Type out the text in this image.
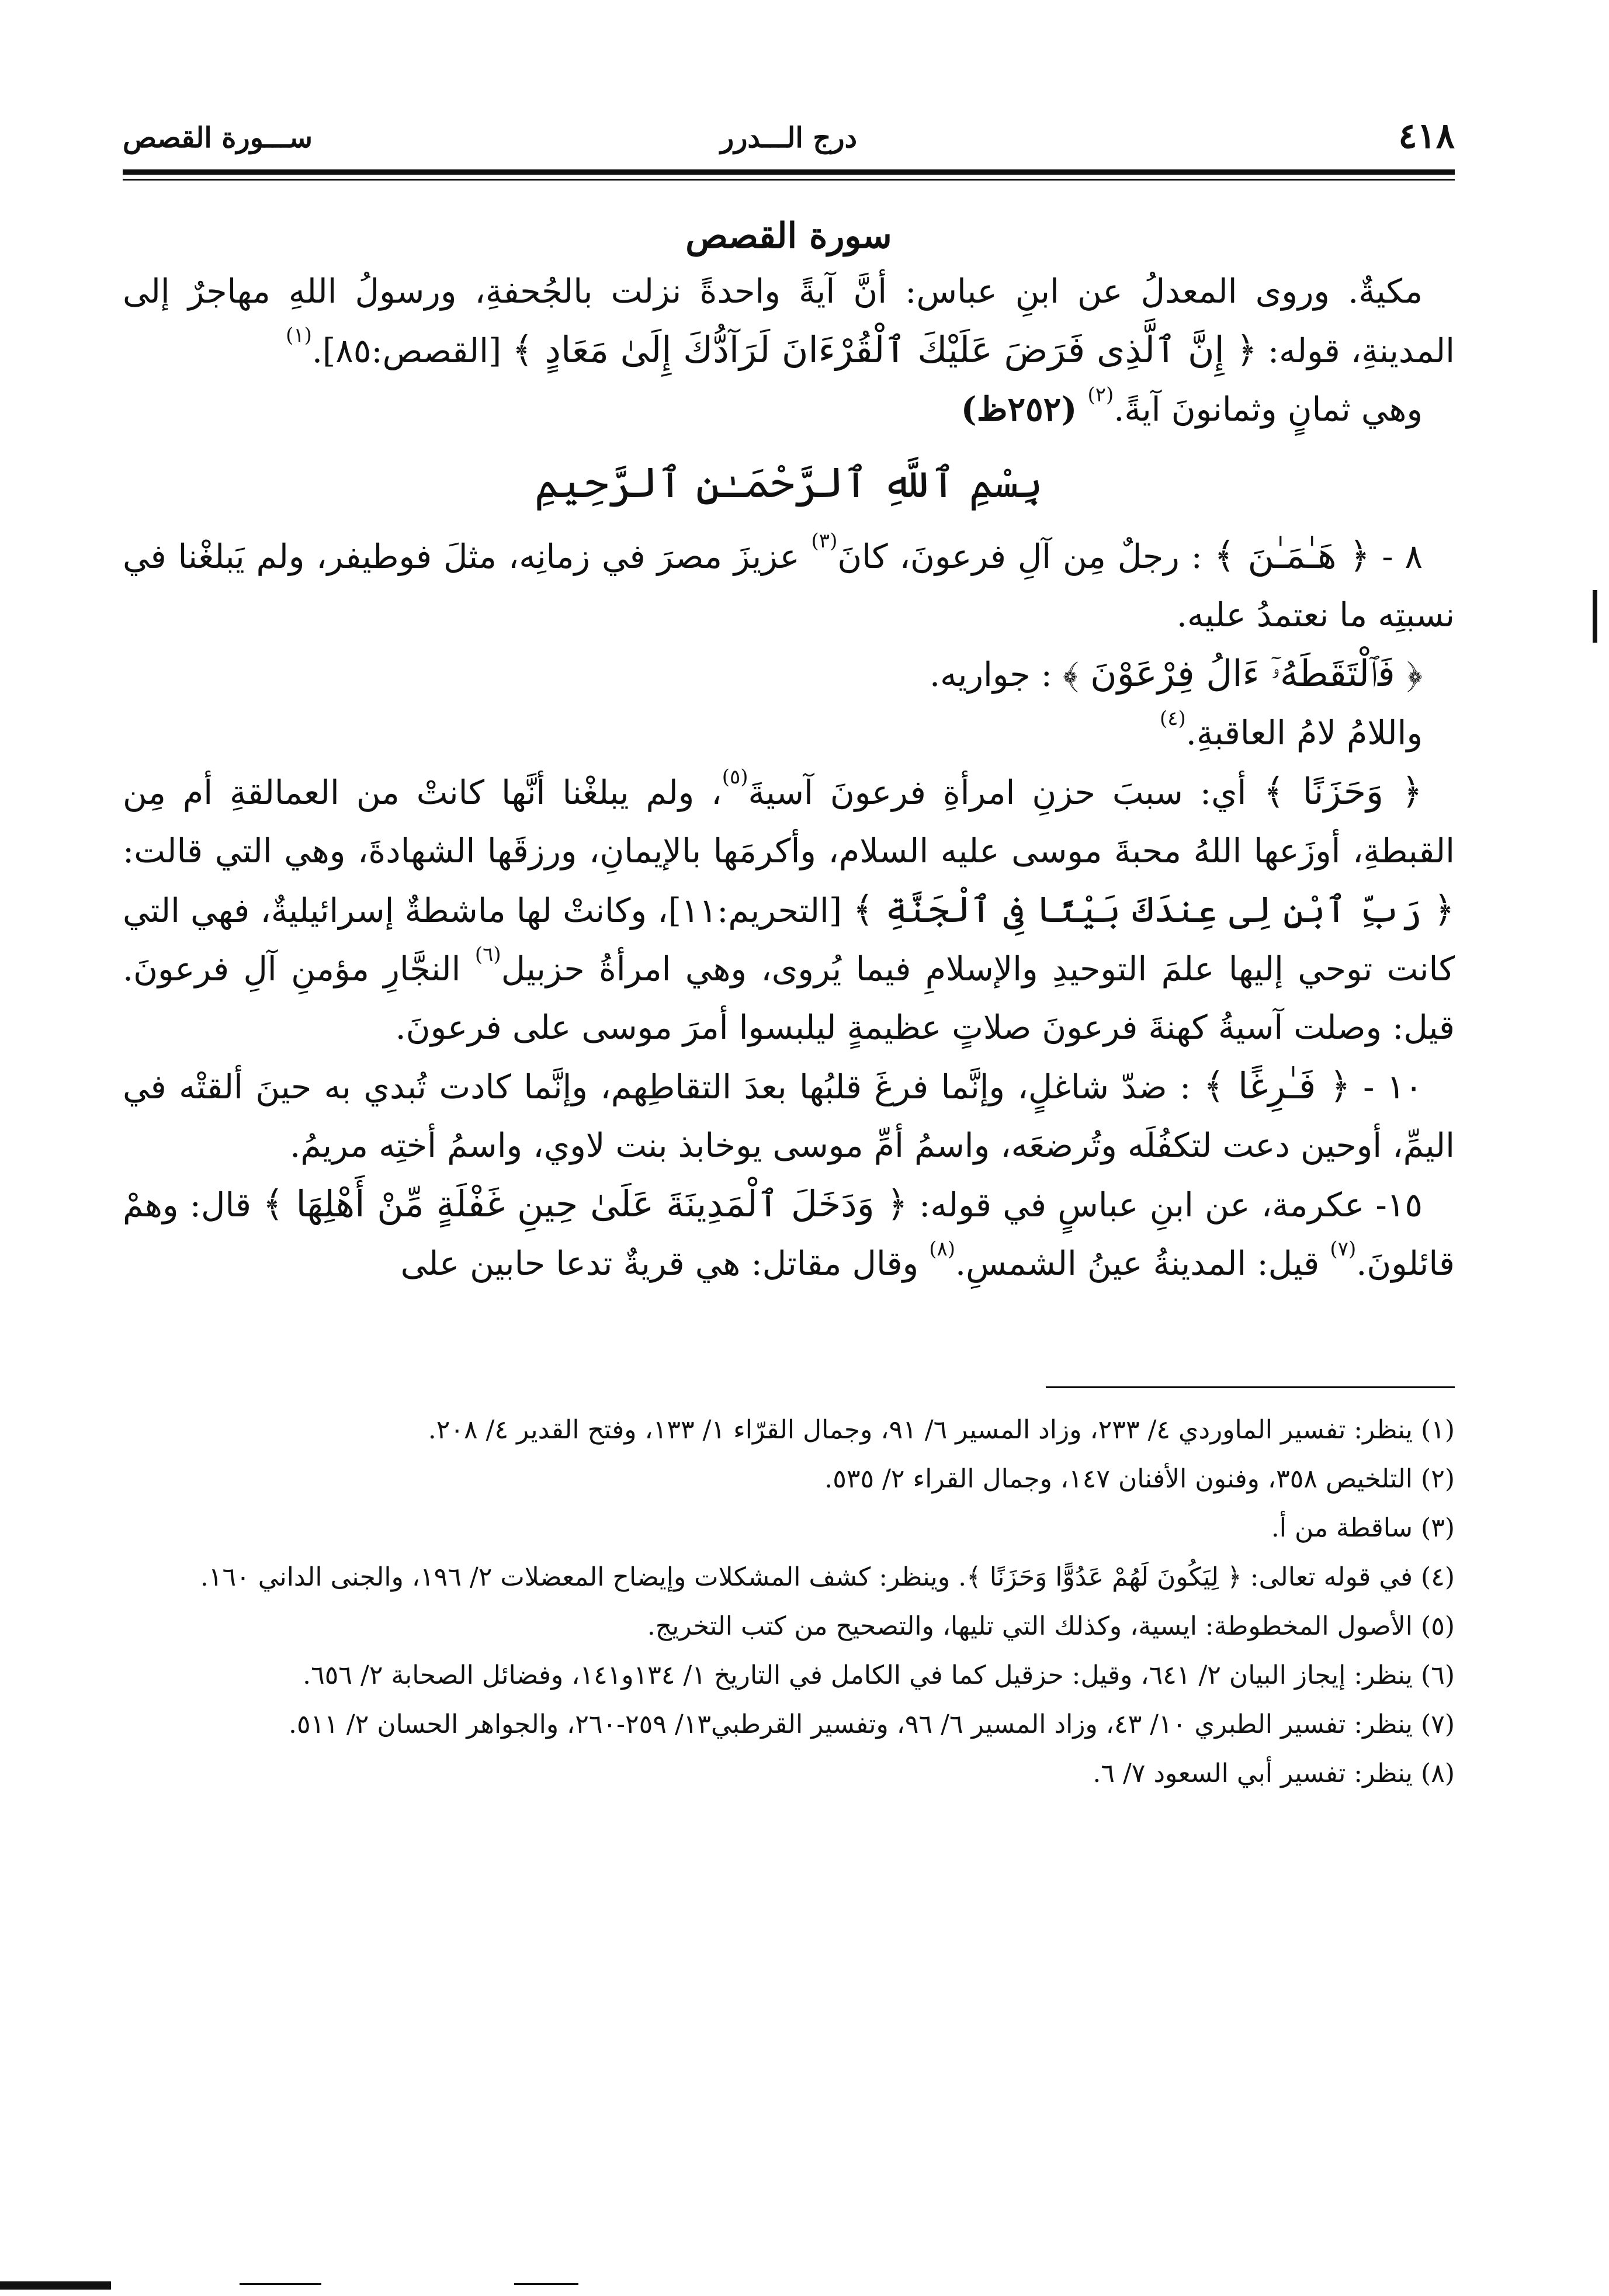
٤١٨
درج الـــدرر
ســـورة القصص
سورة القصص

مكيةٌ. وروى المعدلُ عن ابنِ عباس: أنَّ آيةً واحدةً نزلت بالجُحفةِ، ورسولُ اللهِ مهاجرٌ إلى المدينةِ، قوله: ﴿ إِنَّ ٱلَّذِى فَرَضَ عَلَيْكَ ٱلْقُرْءَانَ لَرَآدُّكَ إِلَىٰ مَعَادٍ ﴾ [القصص:٨٥].$^{(١)}$

وهي ثمانٍ وثمانونَ آيةً.$^{(٢)}$ (٢٥٢ظ)

بِسْمِ ٱللَّهِ ٱلرَّحْمَـٰنِ ٱلرَّحِيمِ

٨ - ﴿ هَـٰمَـٰنَ ﴾ : رجلٌ مِن آلِ فرعونَ، كانَ$^{(٣)}$ عزيزَ مصرَ في زمانِه، مثلَ فوطيفر، ولم يَبلغْنا في نسبتِه ما نعتمدُ عليه.

﴿ فَٱلْتَقَطَهُۥٓ ءَالُ فِرْعَوْنَ ﴾ : جواريه.

واللامُ لامُ العاقبةِ.$^{(٤)}$

﴿ وَحَزَنًا ﴾ أي: سببَ حزنِ امرأةِ فرعونَ آسيةَ$^{(٥)}$، ولم يبلغْنا أنَّها كانتْ من العمالقةِ أم مِن القبطةِ، أوزَعها اللهُ محبةَ موسى عليه السلام، وأكرمَها بالإيمانِ، ورزقَها الشهادةَ، وهي التي قالت: ﴿ رَبِّ ٱبْنِ لِى عِندَكَ بَيْتًا فِى ٱلْجَنَّةِ ﴾ [التحريم:١١]، وكانتْ لها ماشطةٌ إسرائيليةٌ، فهي التي كانت توحي إليها علمَ التوحيدِ والإسلامِ فيما يُروى، وهي امرأةُ حزبيل$^{(٦)}$ النجَّارِ مؤمنِ آلِ فرعونَ. قيل: وصلت آسيةُ كهنةَ فرعونَ صلاتٍ عظيمةٍ ليلبسوا أمرَ موسى على فرعونَ.

١٠ - ﴿ فَـٰرِغًا ﴾ : ضدّ شاغلٍ، وإنَّما فرغَ قلبُها بعدَ التقاطِهم، وإنَّما كادت تُبدي به حينَ ألقتْه في اليمِّ، أوحين دعت لتكفُلَه وتُرضعَه، واسمُ أمِّ موسى يوخابذ بنت لاوي، واسمُ أختِه مريمُ.

١٥- عكرمة، عن ابنِ عباسٍ في قوله: ﴿ وَدَخَلَ ٱلْمَدِينَةَ عَلَىٰ حِينِ غَفْلَةٍ مِّنْ أَهْلِهَا ﴾ قال: وهمْ قائلونَ.$^{(٧)}$ قيل: المدينةُ عينُ الشمسِ.$^{(٨)}$ وقال مقاتل: هي قريةٌ تدعا حابين على

(١) ينظر: تفسير الماوردي ٤/ ٢٣٣، وزاد المسير ٦/ ٩١، وجمال القرّاء ١/ ١٣٣، وفتح القدير ٤/ ٢٠٨.

(٢) التلخيص ٣٥٨، وفنون الأفنان ١٤٧، وجمال القراء ٢/ ٥٣٥.

(٣) ساقطة من أ.

(٤) في قوله تعالى: ﴿ لِيَكُونَ لَهُمْ عَدُوًّا وَحَزَنًا ﴾. وينظر: كشف المشكلات وإيضاح المعضلات ٢/ ١٩٦، والجنى الداني ١٦٠.

(٥) الأصول المخطوطة: ايسية، وكذلك التي تليها، والتصحيح من كتب التخريج.

(٦) ينظر: إيجاز البيان ٢/ ٦٤١، وقيل: حزقيل كما في الكامل في التاريخ ١/ ١٣٤و١٤١، وفضائل الصحابة ٢/ ٦٥٦.

(٧) ينظر: تفسير الطبري ١٠/ ٤٣، وزاد المسير ٦/ ٩٦، وتفسير القرطبي١٣/ ٢٥٩-٢٦٠، والجواهر الحسان ٢/ ٥١١.

(٨) ينظر: تفسير أبي السعود ٧/ ٦.
